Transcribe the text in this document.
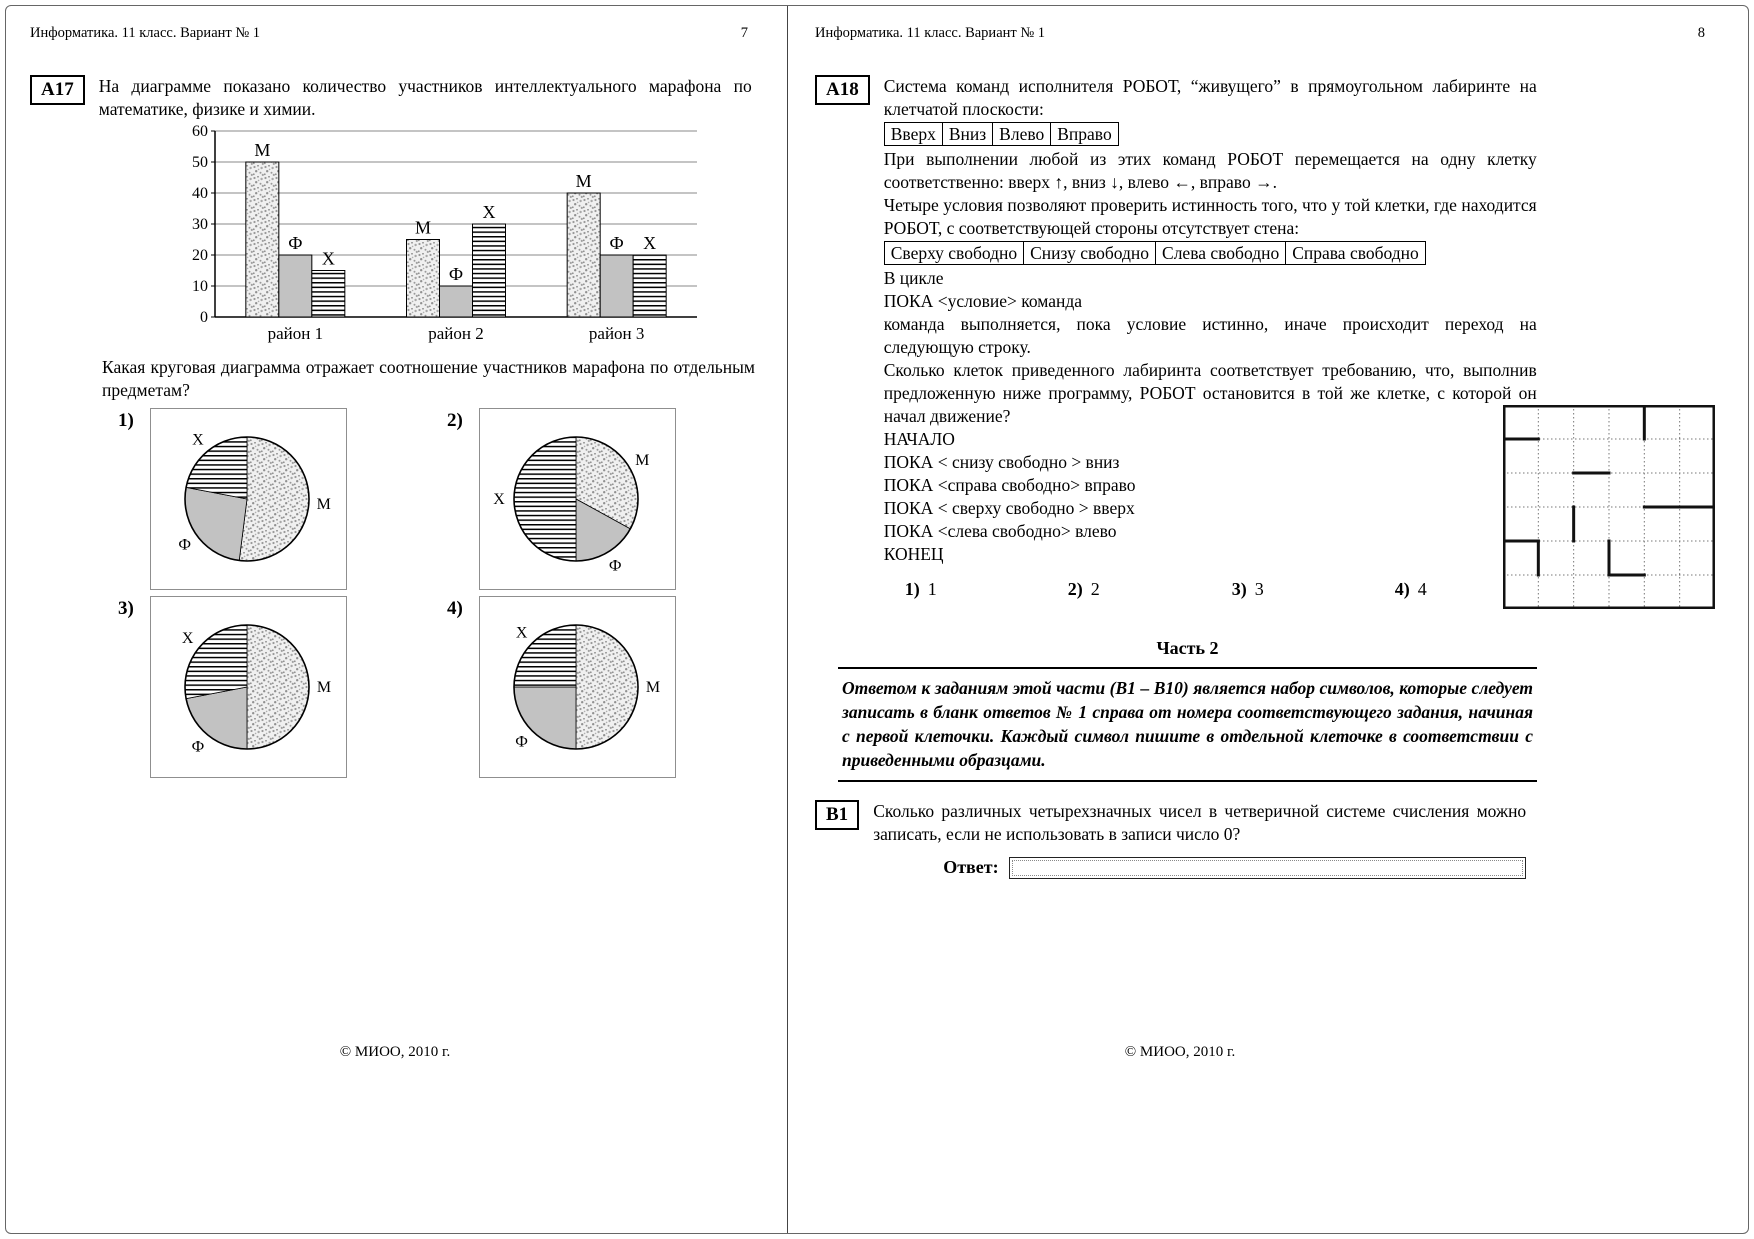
Информатика. 11 класс. Вариант № 1	7
А17	На диаграмме показано количество участников интеллектуального марафона по математике, физике и химии.

0
10
20
30
40
50
60
М
Ф
Х
район 1
М
Ф
Х
район 2
М
Ф Х
район 3
Какая круговая диаграмма отражает соотношение участников марафона по отдельным предметам?
1)
М
Ф
Х
2)
М
Ф
Х
3)
М
Ф
Х
4)
М
Ф
Х
© МИОО, 2010 г.
Информатика. 11 класс. Вариант № 1	8
А18	Система команд исполнителя РОБОТ, “живущего” в прямоугольном лабиринте на клетчатой плоскости:

Вверх	Вниз	Влево	Вправо

При выполнении любой из этих команд РОБОТ перемещается на одну клетку соответственно: вверх ↑, вниз ↓, влево ←, вправо →.

Четыре условия позволяют проверить истинность того, что у той клетки, где находится РОБОТ, с соответствующей стороны отсутствует стена:

Сверху свободно	Снизу свободно	Слева свободно	Справа свободно

В цикле

ПОКА <условие> команда

команда выполняется, пока условие истинно, иначе происходит переход на следующую строку.

Сколько клеток приведенного лабиринта соответствует требованию, что, выполнив предложенную ниже программу, РОБОТ остановится в той же клетке, с которой он начал движение?

НАЧАЛО

ПОКА < снизу свободно > вниз

ПОКА <справа свободно> вправо

ПОКА < сверху свободно > вверх

ПОКА <слева свободно> влево

КОНЕЦ

1) 1	2) 2	3) 3	4) 4

Часть 2

Ответом к заданиям этой части (В1 – В10) является набор символов, которые следует записать в бланк ответов № 1 справа от номера соответствующего задания, начиная с первой клеточки. Каждый символ пишите в отдельной клеточке в соответствии с приведенными образцами.

В1	Сколько различных четырехзначных чисел в четверичной системе счисления можно записать, если не использовать в записи число 0?

Ответ:
© МИОО, 2010 г.
